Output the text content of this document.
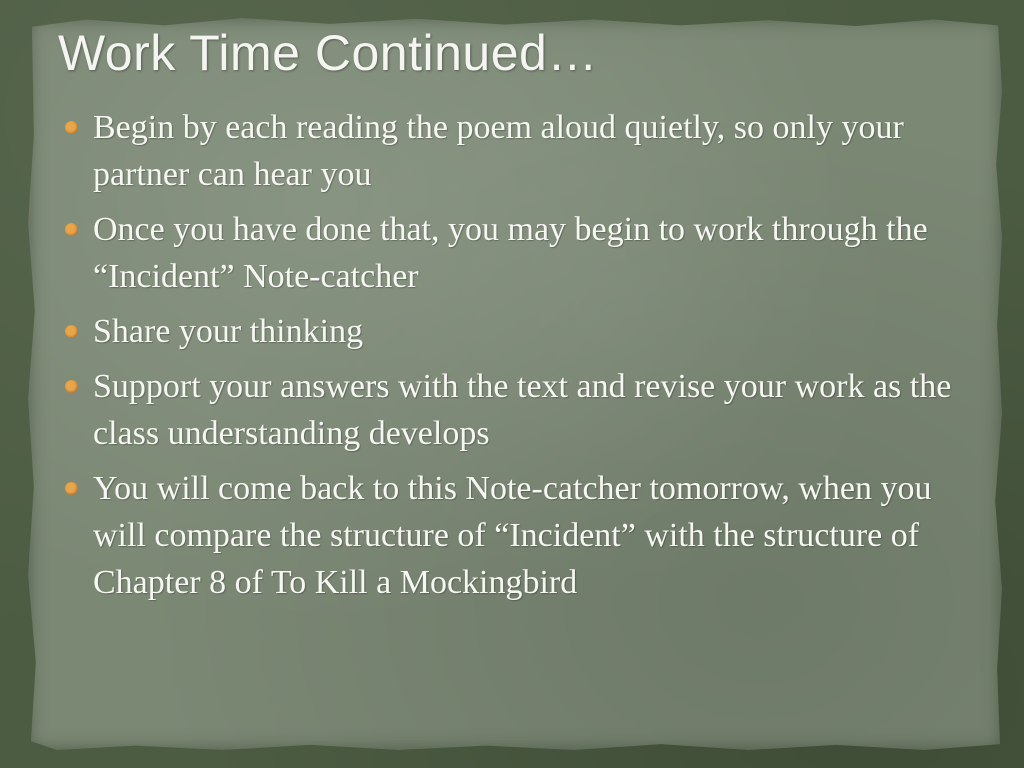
Work Time Continued…
Begin by each reading the poem aloud quietly, so only your partner can hear you
Once you have done that, you may begin to work through the “Incident” Note-catcher
Share your thinking
Support your answers with the text and revise your work as the class understanding develops
You will come back to this Note-catcher tomorrow, when you will compare the structure of “Incident” with the structure of Chapter 8 of To Kill a Mockingbird
